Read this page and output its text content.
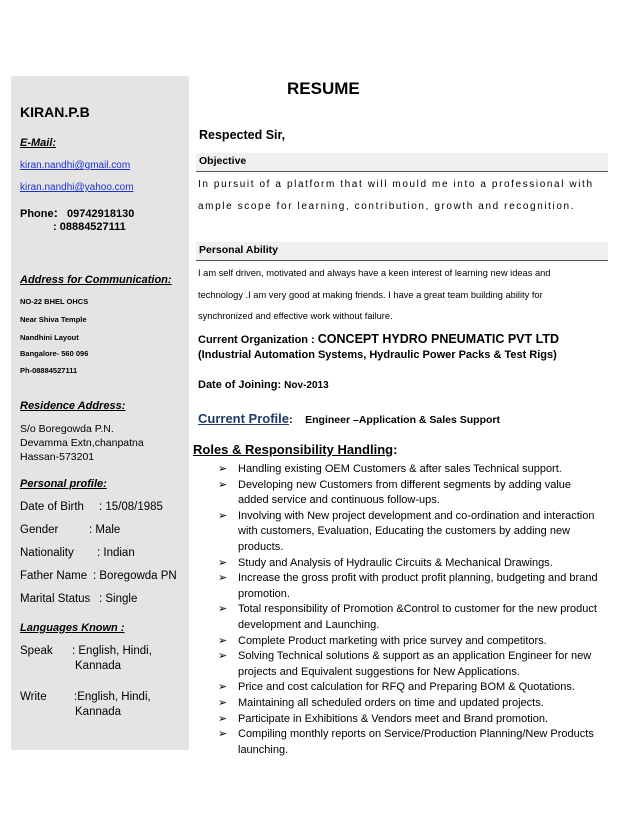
KIRAN.P.B
E-Mail:
kiran.nandhi@gmail.com
kiran.nandhi@yahoo.com
Phone: 09742918130
: 08884527111
Address for Communication:
NO-22 BHEL OHCS
Near Shiva Temple
Nandhini Layout
Bangalore- 560 096
Ph-08884527111
Residence Address:
S/o Boregowda P.N.
Devamma Extn,chanpatna
Hassan-573201
Personal profile:
Date of Birth : 15/08/1985
Gender	: Male
Nationality : Indian
Father Name : Boregowda PN
Marital Status : Single
Languages Known :
Speak : English, Hindi,
Kannada
Write :English, Hindi,
Kannada
RESUME
Respected Sir,
Objective
In pursuit of a platform that will mould me into a professional with
ample scope for learning, contribution, growth and recognition.
Personal Ability
I am self driven, motivated and always have a keen interest of learning new ideas and
technology .I am very good at making friends. I have a great team building ability for
synchronized and effective work without failure.
Current Organization : CONCEPT HYDRO PNEUMATIC PVT LTD
(Industrial Automation Systems, Hydraulic Power Packs & Test Rigs)
Date of Joining: Nov-2013
Current Profile: Engineer –Application & Sales Support
Roles & Responsibility Handling:
➢ Handling existing OEM Customers & after sales Technical support.
➢ Developing new Customers from different segments by adding value added service and continuous follow-ups.
➢ Involving with New project development and co-ordination and interaction with customers, Evaluation, Educating the customers by adding new products.
➢ Study and Analysis of Hydraulic Circuits & Mechanical Drawings.
➢ Increase the gross profit with product profit planning, budgeting and brand promotion.
➢ Total responsibility of Promotion &Control to customer for the new product development and Launching.
➢ Complete Product marketing with price survey and competitors.
➢ Solving Technical solutions & support as an application Engineer for new projects and Equivalent suggestions for New Applications.
➢ Price and cost calculation for RFQ and Preparing BOM & Quotations.
➢ Maintaining all scheduled orders on time and updated projects.
➢ Participate in Exhibitions & Vendors meet and Brand promotion.
➢ Compiling monthly reports on Service/Production Planning/New Products launching.
